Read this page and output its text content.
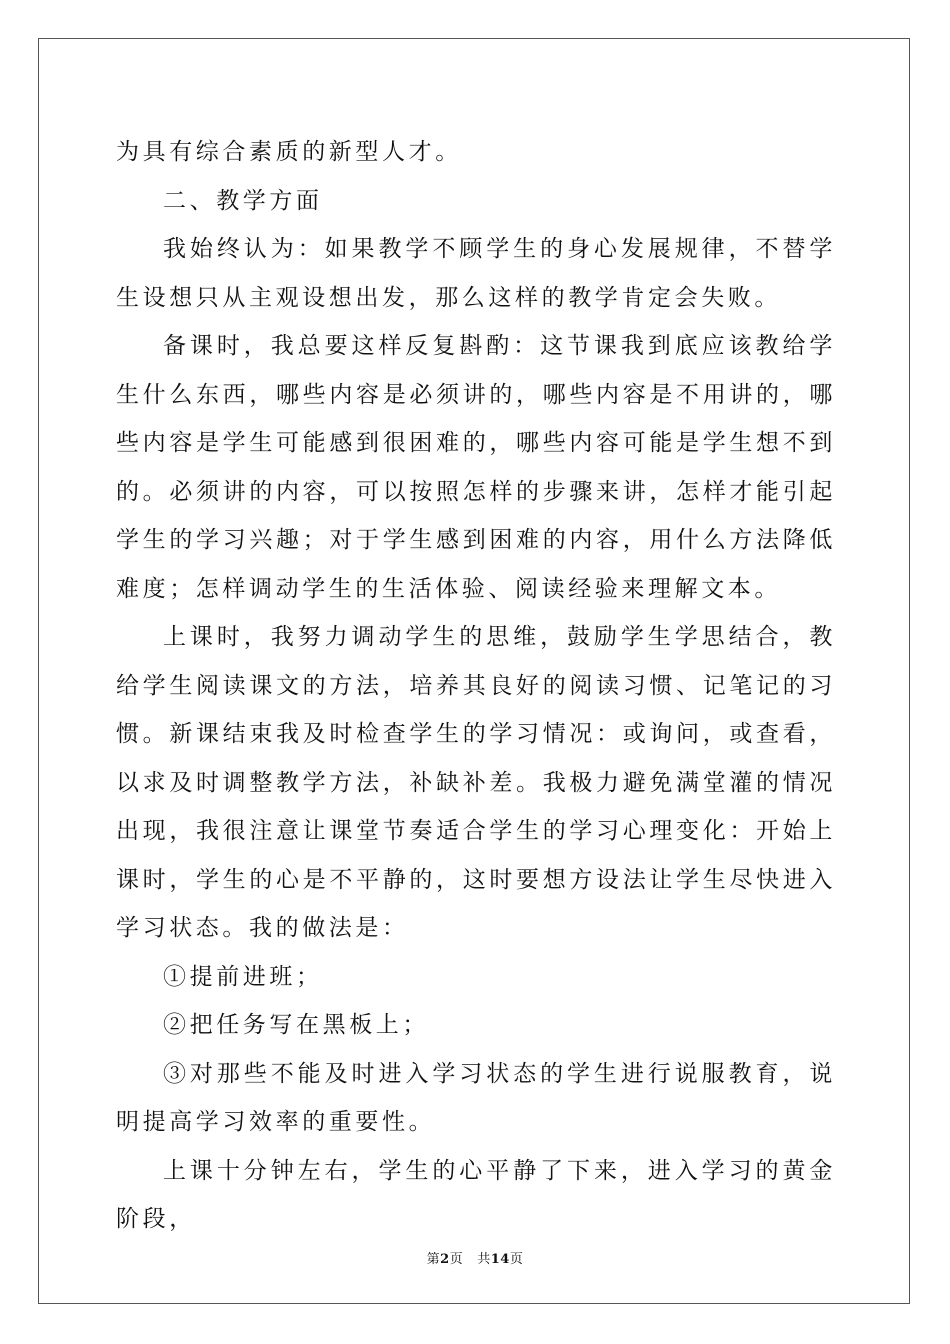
为具有综合素质的新型人才。

二、教学方面

我始终认为：如果教学不顾学生的身心发展规律，不替学生设想只从主观设想出发，那么这样的教学肯定会失败。

备课时，我总要这样反复斟酌：这节课我到底应该教给学生什么东西，哪些内容是必须讲的，哪些内容是不用讲的，哪些内容是学生可能感到很困难的，哪些内容可能是学生想不到的。必须讲的内容，可以按照怎样的步骤来讲，怎样才能引起学生的学习兴趣；对于学生感到困难的内容，用什么方法降低难度；怎样调动学生的生活体验、阅读经验来理解文本。

上课时，我努力调动学生的思维，鼓励学生学思结合，教给学生阅读课文的方法，培养其良好的阅读习惯、记笔记的习惯。新课结束我及时检查学生的学习情况：或询问，或查看，以求及时调整教学方法，补缺补差。我极力避免满堂灌的情况出现，我很注意让课堂节奏适合学生的学习心理变化：开始上课时，学生的心是不平静的，这时要想方设法让学生尽快进入学习状态。我的做法是：

①提前进班；

②把任务写在黑板上；

③对那些不能及时进入学习状态的学生进行说服教育，说明提高学习效率的重要性。

上课十分钟左右，学生的心平静了下来，进入学习的黄金阶段，

第2页 共14页
